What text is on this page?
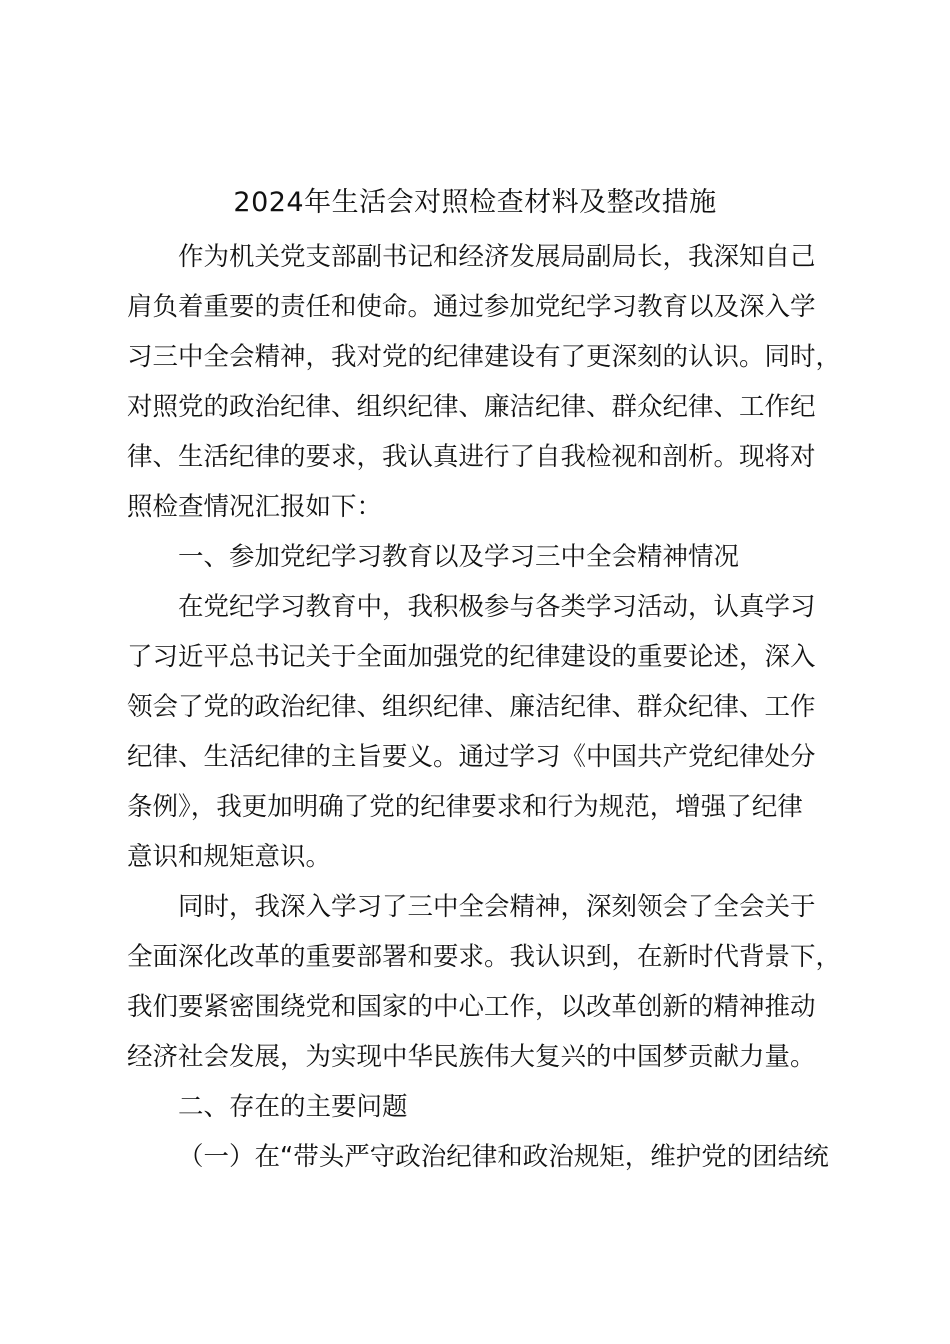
2024年生活会对照检查材料及整改措施
作为机关党支部副书记和经济发展局副局长，我深知自己
肩负着重要的责任和使命。通过参加党纪学习教育以及深入学
习三中全会精神，我对党的纪律建设有了更深刻的认识。同时，
对照党的政治纪律、组织纪律、廉洁纪律、群众纪律、工作纪
律、生活纪律的要求，我认真进行了自我检视和剖析。现将对
照检查情况汇报如下：
一、参加党纪学习教育以及学习三中全会精神情况
在党纪学习教育中，我积极参与各类学习活动，认真学习
了习近平总书记关于全面加强党的纪律建设的重要论述，深入
领会了党的政治纪律、组织纪律、廉洁纪律、群众纪律、工作
纪律、生活纪律的主旨要义。通过学习《中国共产党纪律处分
条例》，我更加明确了党的纪律要求和行为规范，增强了纪律
意识和规矩意识。
同时，我深入学习了三中全会精神，深刻领会了全会关于
全面深化改革的重要部署和要求。我认识到，在新时代背景下，
我们要紧密围绕党和国家的中心工作，以改革创新的精神推动
经济社会发展，为实现中华民族伟大复兴的中国梦贡献力量。
二、存在的主要问题
（一）在“带头严守政治纪律和政治规矩，维护党的团结统
